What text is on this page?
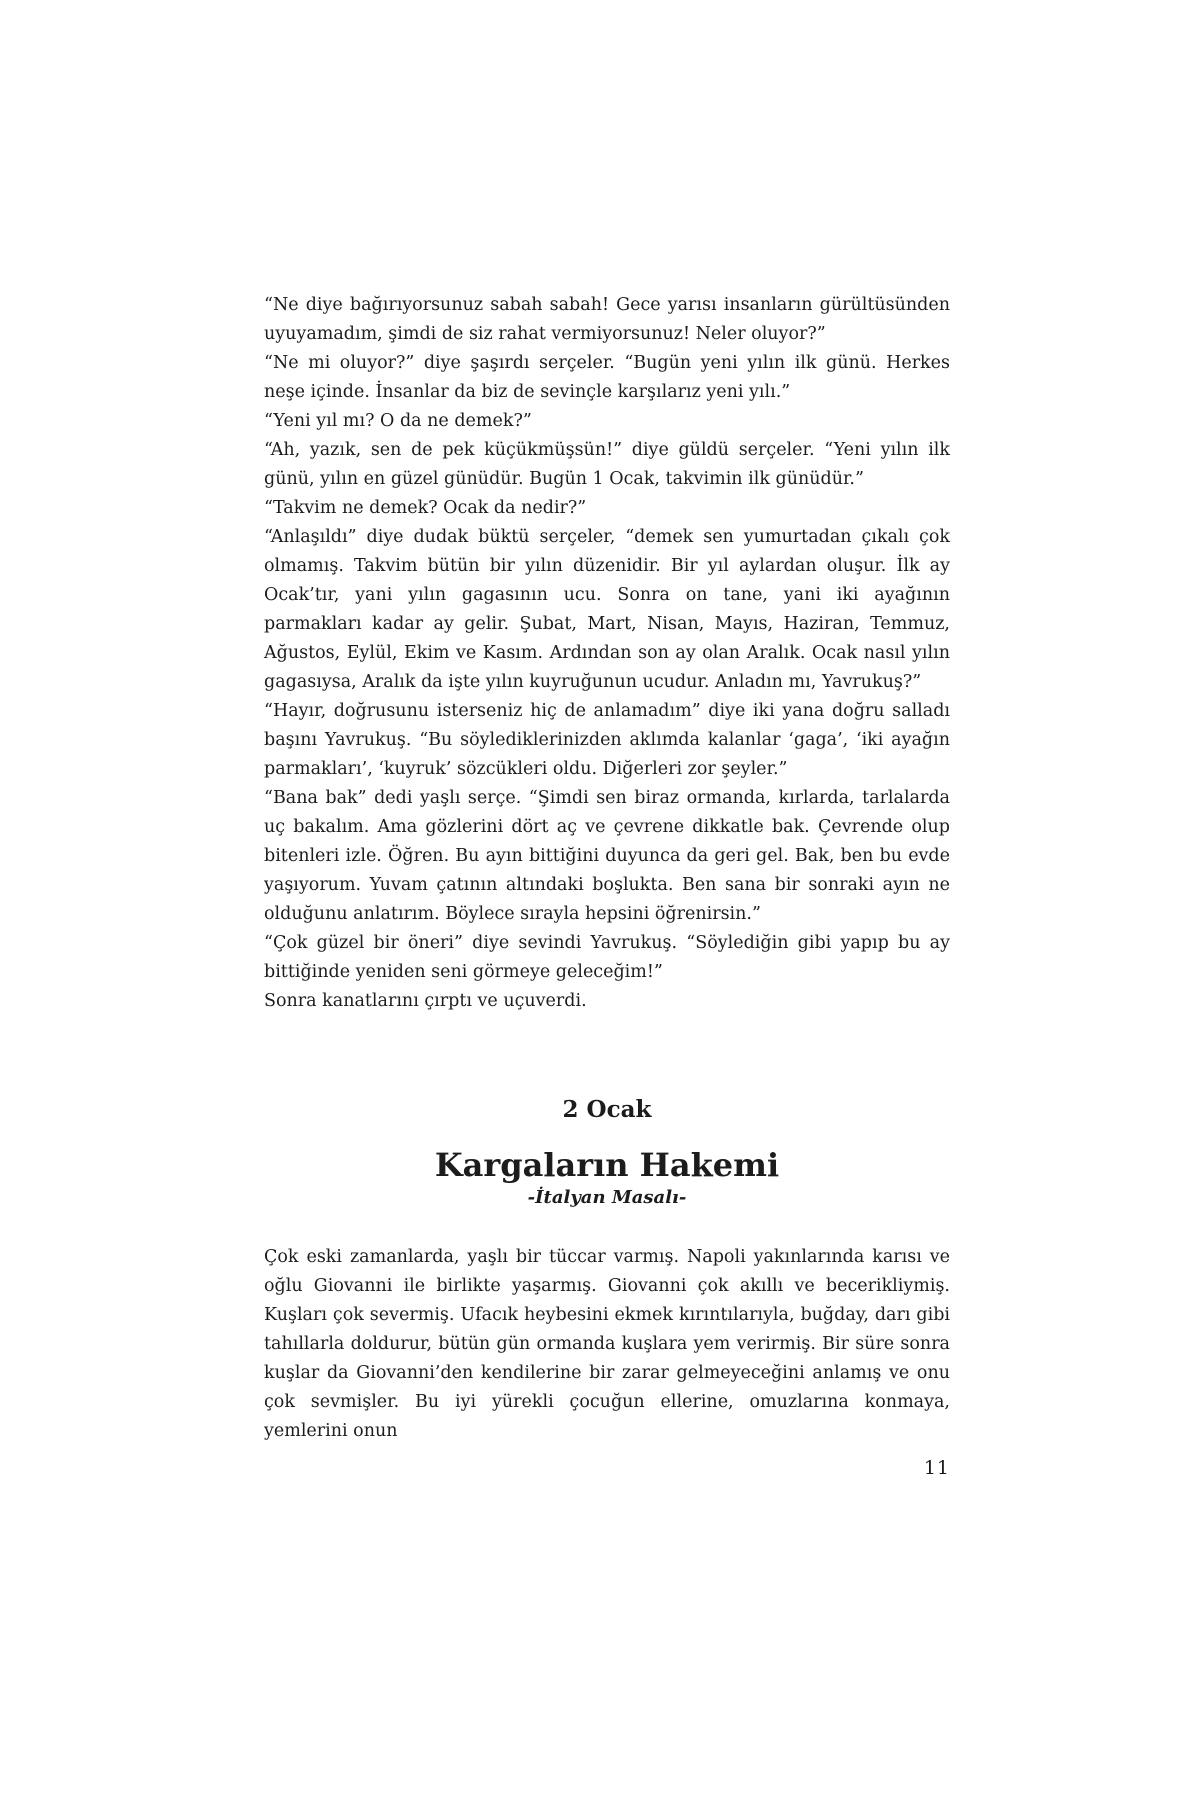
“Ne diye bağırıyorsunuz sabah sabah! Gece yarısı insanların gürültüsünden uyuyamadım, şimdi de siz rahat vermiyorsunuz! Neler oluyor?”

“Ne mi oluyor?” diye şaşırdı serçeler. “Bugün yeni yılın ilk günü. Herkes neşe içinde. İnsanlar da biz de sevinçle karşılarız yeni yılı.”

“Yeni yıl mı? O da ne demek?”

“Ah, yazık, sen de pek küçükmüşsün!” diye güldü serçeler. “Yeni yılın ilk günü, yılın en güzel günüdür. Bugün 1 Ocak, takvimin ilk günüdür.”

“Takvim ne demek? Ocak da nedir?”

“Anlaşıldı” diye dudak büktü serçeler, “demek sen yumurtadan çıkalı çok olmamış. Takvim bütün bir yılın düzenidir. Bir yıl aylardan oluşur. İlk ay Ocak’tır, yani yılın gagasının ucu. Sonra on tane, yani iki ayağının parmakları kadar ay gelir. Şubat, Mart, Nisan, Mayıs, Haziran, Temmuz, Ağustos, Eylül, Ekim ve Kasım. Ardından son ay olan Aralık. Ocak nasıl yılın gagasıysa, Aralık da işte yılın kuyruğunun ucudur. Anladın mı, Yavrukuş?”

“Hayır, doğrusunu isterseniz hiç de anlamadım” diye iki yana doğru salladı başını Yavrukuş. “Bu söylediklerinizden aklımda kalanlar ‘gaga’, ‘iki ayağın parmakları’, ‘kuyruk’ sözcükleri oldu. Diğerleri zor şeyler.”

“Bana bak” dedi yaşlı serçe. “Şimdi sen biraz ormanda, kırlarda, tarlalarda uç bakalım. Ama gözlerini dört aç ve çevrene dikkatle bak. Çevrende olup bitenleri izle. Öğren. Bu ayın bittiğini duyunca da geri gel. Bak, ben bu evde yaşıyorum. Yuvam çatının altındaki boşlukta. Ben sana bir sonraki ayın ne olduğunu anlatırım. Böylece sırayla hepsini öğrenirsin.”

“Çok güzel bir öneri” diye sevindi Yavrukuş. “Söylediğin gibi yapıp bu ay bittiğinde yeniden seni görmeye geleceğim!”

Sonra kanatlarını çırptı ve uçuverdi.

2 Ocak
Kargaların Hakemi
-İtalyan Masalı-

Çok eski zamanlarda, yaşlı bir tüccar varmış. Napoli yakınlarında karısı ve oğlu Giovanni ile birlikte yaşarmış. Giovanni çok akıllı ve becerikliymiş. Kuşları çok severmiş. Ufacık heybesini ekmek kırıntılarıyla, buğday, darı gibi tahıllarla doldurur, bütün gün ormanda kuşlara yem verirmiş. Bir süre sonra kuşlar da Giovanni’den kendilerine bir zarar gelmeyeceğini anlamış ve onu çok sevmişler. Bu iyi yürekli çocuğun ellerine, omuzlarına konmaya, yemlerini onun

11
